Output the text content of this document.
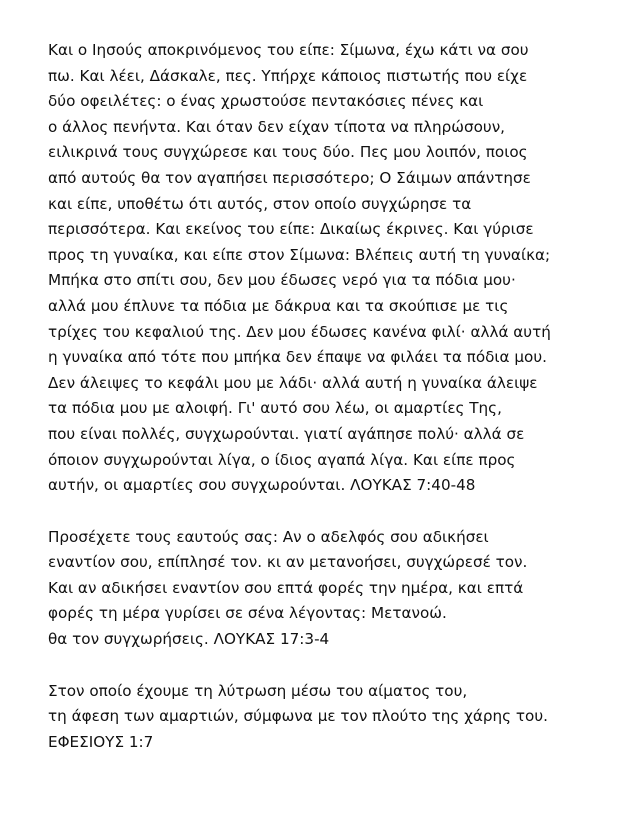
Και ο Ιησούς αποκρινόμενος του είπε: Σίμωνα, έχω κάτι να σου
πω. Και λέει, Δάσκαλε, πες. Υπήρχε κάποιος πιστωτής που είχε
δύο οφειλέτες: ο ένας χρωστούσε πεντακόσιες πένες και
ο άλλος πενήντα. Και όταν δεν είχαν τίποτα να πληρώσουν,
ειλικρινά τους συγχώρεσε και τους δύο. Πες μου λοιπόν, ποιος
από αυτούς θα τον αγαπήσει περισσότερο; Ο Σάιμων απάντησε
και είπε, υποθέτω ότι αυτός, στον οποίο συγχώρησε τα
περισσότερα. Και εκείνος του είπε: Δικαίως έκρινες. Και γύρισε
προς τη γυναίκα, και είπε στον Σίμωνα: Βλέπεις αυτή τη γυναίκα;
Μπήκα στο σπίτι σου, δεν μου έδωσες νερό για τα πόδια μου·
αλλά μου έπλυνε τα πόδια με δάκρυα και τα σκούπισε με τις
τρίχες του κεφαλιού της. Δεν μου έδωσες κανένα φιλί· αλλά αυτή
η γυναίκα από τότε που μπήκα δεν έπαψε να φιλάει τα πόδια μου.
Δεν άλειψες το κεφάλι μου με λάδι· αλλά αυτή η γυναίκα άλειψε
τα πόδια μου με αλοιφή. Γι' αυτό σου λέω, οι αμαρτίες Της,
που είναι πολλές, συγχωρούνται. γιατί αγάπησε πολύ· αλλά σε
όποιον συγχωρούνται λίγα, ο ίδιος αγαπά λίγα. Και είπε προς
αυτήν, οι αμαρτίες σου συγχωρούνται. ΛΟΥΚΑΣ 7:40-48
Προσέχετε τους εαυτούς σας: Αν ο αδελφός σου αδικήσει
εναντίον σου, επίπλησέ τον. κι αν μετανοήσει, συγχώρεσέ τον.
Και αν αδικήσει εναντίον σου επτά φορές την ημέρα, και επτά
φορές τη μέρα γυρίσει σε σένα λέγοντας: Μετανοώ.
θα τον συγχωρήσεις. ΛΟΥΚΑΣ 17:3-4
Στον οποίο έχουμε τη λύτρωση μέσω του αίματος του,
τη άφεση των αμαρτιών, σύμφωνα με τον πλούτο της χάρης του.
ΕΦΕΣΙΟΥΣ 1:7
